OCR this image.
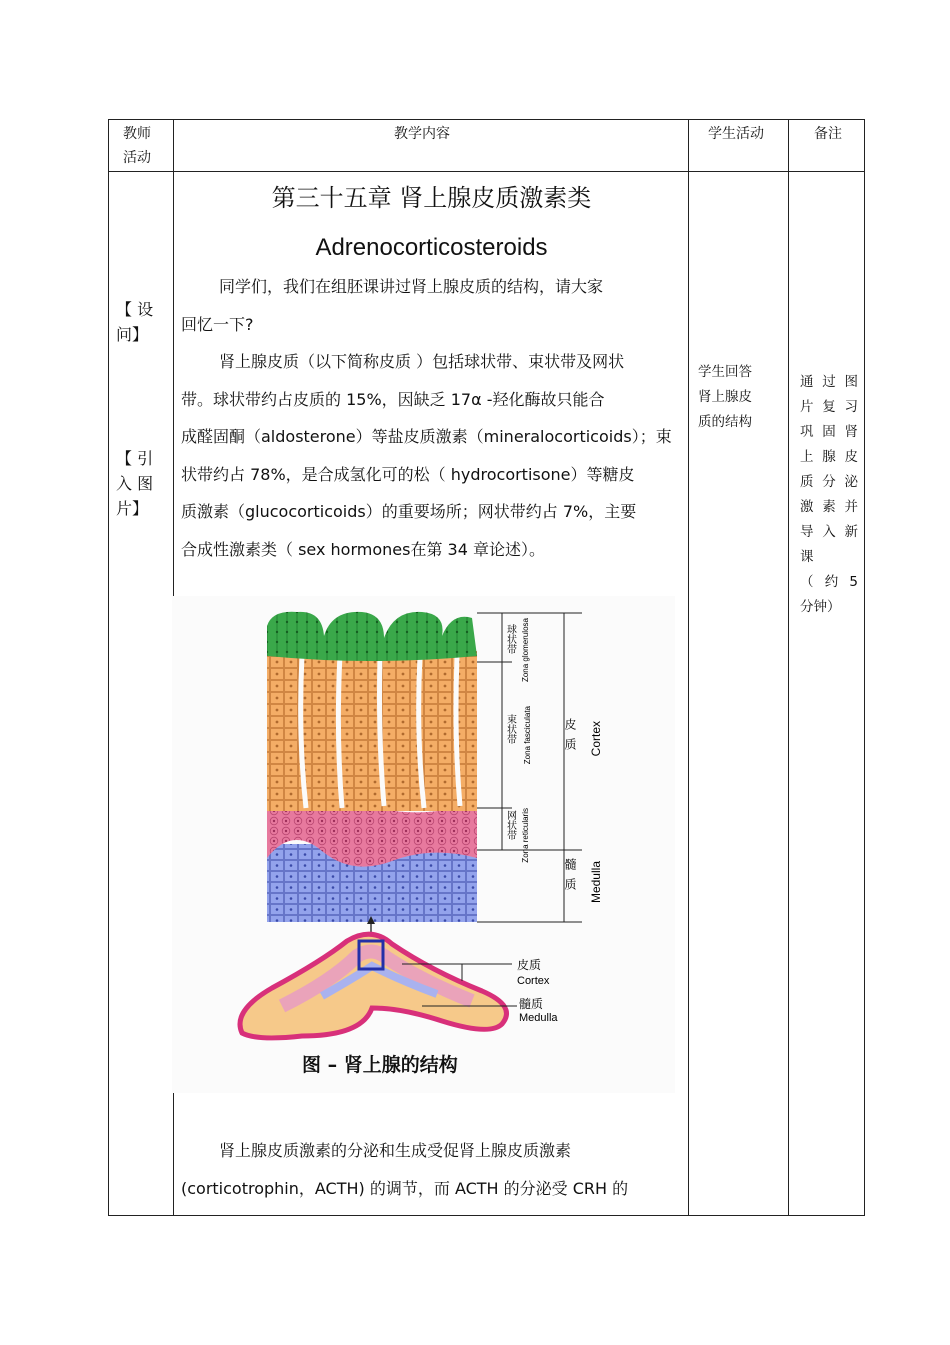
教师
活动
教学内容	学生活动	备注
【 设
问】
【 引
入 图
片】
第三十五章 肾上腺皮质激素类
Adrenocorticosteroids
同学们，我们在组胚课讲过肾上腺皮质的结构，请大家
回忆一下?
肾上腺皮质（以下简称皮质 ）包括球状带、束状带及网状
带。球状带约占皮质的 15%，因缺乏 17α -羟化酶故只能合
成醛固酮（aldosterone）等盐皮质激素（mineralocorticoids）；束
状带约占 78%，是合成氢化可的松（ hydrocortisone）等糖皮
质激素（glucocorticoids）的重要场所；网状带约占 7%，主要
合成性激素类（ sex hormones在第 34 章论述）。
肾上腺皮质激素的分泌和生成受促肾上腺皮质激素
(corticotrophin，ACTH) 的调节，而 ACTH 的分泌受 CRH 的
学生回答
肾上腺皮
质的结构
通 过 图
片 复 习
巩 固 肾
上 腺 皮
质 分 泌
激 素 并
导 入 新
课
（ 约 5
分钟）
球状带 Zona glomerulosa
束状带 Zona fasciculata
网状带 Zona reticularis
皮质 Cortex
髓质 Medulla
皮质
Cortex
髓质
Medulla
图 – 肾上腺的结构
